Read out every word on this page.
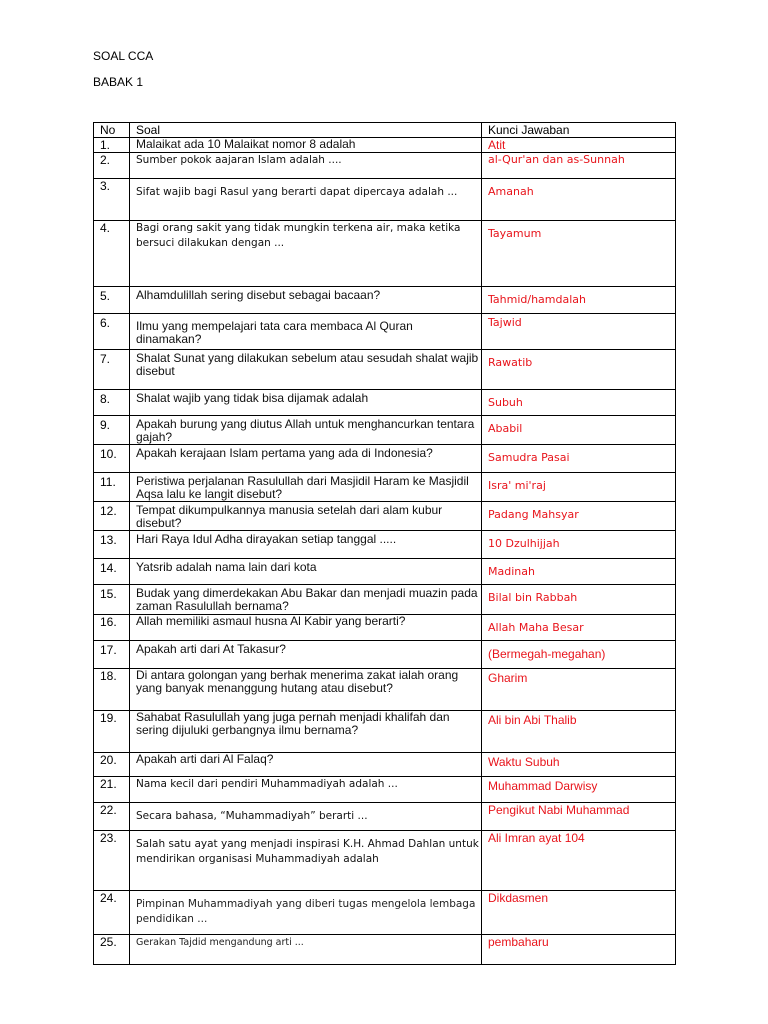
SOAL CCA
BABAK 1
No	Soal	Kunci Jawaban
1.	Malaikat ada 10 Malaikat nomor 8 adalah	Atit
2.	Sumber pokok aajaran Islam adalah ....	al-Qur'an dan as-Sunnah
3.	Sifat wajib bagi Rasul yang berarti dapat dipercaya adalah ...	Amanah
4.	Bagi orang sakit yang tidak mungkin terkena air, maka ketika bersuci dilakukan dengan ...	Tayamum
5.	Alhamdulillah sering disebut sebagai bacaan?	Tahmid/hamdalah
6.	Ilmu yang mempelajari tata cara membaca Al Quran dinamakan?	Tajwid
7.	Shalat Sunat yang dilakukan sebelum atau sesudah shalat wajib disebut	Rawatib
8.	Shalat wajib yang tidak bisa dijamak adalah	Subuh
9.	Apakah burung yang diutus Allah untuk menghancurkan tentara gajah?	Ababil
10.	Apakah kerajaan Islam pertama yang ada di Indonesia?	Samudra Pasai
11.	Peristiwa perjalanan Rasulullah dari Masjidil Haram ke Masjidil Aqsa lalu ke langit disebut?	Isra' mi'raj
12.	Tempat dikumpulkannya manusia setelah dari alam kubur disebut?	Padang Mahsyar
13.	Hari Raya Idul Adha dirayakan setiap tanggal .....	10 Dzulhijjah
14.	Yatsrib adalah nama lain dari kota	Madinah
15.	Budak yang dimerdekakan Abu Bakar dan menjadi muazin pada zaman Rasulullah bernama?	Bilal bin Rabbah
16.	Allah memiliki asmaul husna Al Kabir yang berarti?	Allah Maha Besar
17.	Apakah arti dari At Takasur?	(Bermegah-megahan)
18.	Di antara golongan yang berhak menerima zakat ialah orang yang banyak menanggung hutang atau disebut?	Gharim
19.	Sahabat Rasulullah yang juga pernah menjadi khalifah dan sering dijuluki gerbangnya ilmu bernama?	Ali bin Abi Thalib
20.	Apakah arti dari Al Falaq?	Waktu Subuh
21.	Nama kecil dari pendiri Muhammadiyah adalah ...	Muhammad Darwisy
22.	Secara bahasa, “Muhammadiyah” berarti ...	Pengikut Nabi Muhammad
23.	Salah satu ayat yang menjadi inspirasi K.H. Ahmad Dahlan untuk mendirikan organisasi Muhammadiyah adalah	Ali Imran ayat 104
24.	Pimpinan Muhammadiyah yang diberi tugas mengelola lembaga pendidikan ...	Dikdasmen
25.	Gerakan Tajdid mengandung arti ...	pembaharu
